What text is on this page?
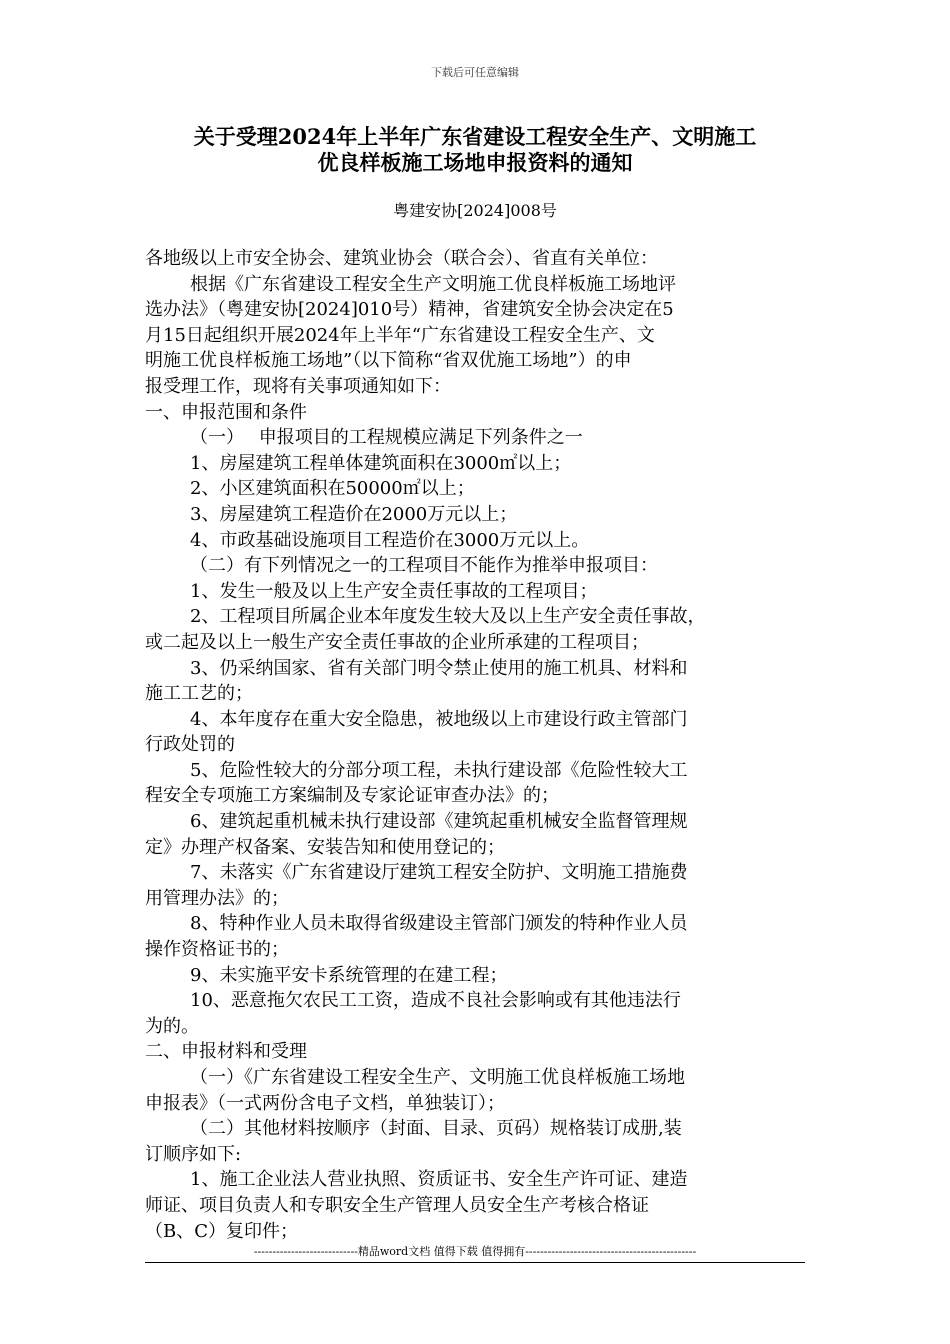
下载后可任意编辑
关于受理2024年上半年广东省建设工程安全生产、文明施工
优良样板施工场地申报资料的通知
粤建安协[2024]008号

各地级以上市安全协会、建筑业协会（联合会）、省直有关单位：

根据《广东省建设工程安全生产文明施工优良样板施工场地评

选办法》（粤建安协[2024]010号）精神，省建筑安全协会决定在5

月15日起组织开展2024年上半年“广东省建设工程安全生产、文

明施工优良样板施工场地”（以下简称“省双优施工场地”）的申

报受理工作，现将有关事项通知如下：

一、申报范围和条件

（一）　 申报项目的工程规模应满足下列条件之一

1、房屋建筑工程单体建筑面积在3000㎡以上；

2、小区建筑面积在50000㎡以上；

3、房屋建筑工程造价在2000万元以上；

4、市政基础设施项目工程造价在3000万元以上。

（二）有下列情况之一的工程项目不能作为推举申报项目：

1、发生一般及以上生产安全责任事故的工程项目；

2、工程项目所属企业本年度发生较大及以上生产安全责任事故，

或二起及以上一般生产安全责任事故的企业所承建的工程项目；

3、仍采纳国家、省有关部门明令禁止使用的施工机具、材料和

施工工艺的；

4、本年度存在重大安全隐患，被地级以上市建设行政主管部门

行政处罚的

5、危险性较大的分部分项工程，未执行建设部《危险性较大工

程安全专项施工方案编制及专家论证审查办法》的；

6、建筑起重机械未执行建设部《建筑起重机械安全监督管理规

定》办理产权备案、安装告知和使用登记的；

7、未落实《广东省建设厅建筑工程安全防护、文明施工措施费

用管理办法》的；

8、特种作业人员未取得省级建设主管部门颁发的特种作业人员

操作资格证书的；

9、未实施平安卡系统管理的在建工程；

10、恶意拖欠农民工工资，造成不良社会影响或有其他违法行

为的。

二、申报材料和受理

（一）《广东省建设工程安全生产、文明施工优良样板施工场地

申报表》（一式两份含电子文档，单独装订）；

（二）其他材料按顺序（封面、目录、页码）规格装订成册,装

订顺序如下:

1、施工企业法人营业执照、资质证书、安全生产许可证、建造

师证、项目负责人和专职安全生产管理人员安全生产考核合格证

（B、C）复印件；

----------------------------精品word文档 值得下载 值得拥有----------------------------------------------
